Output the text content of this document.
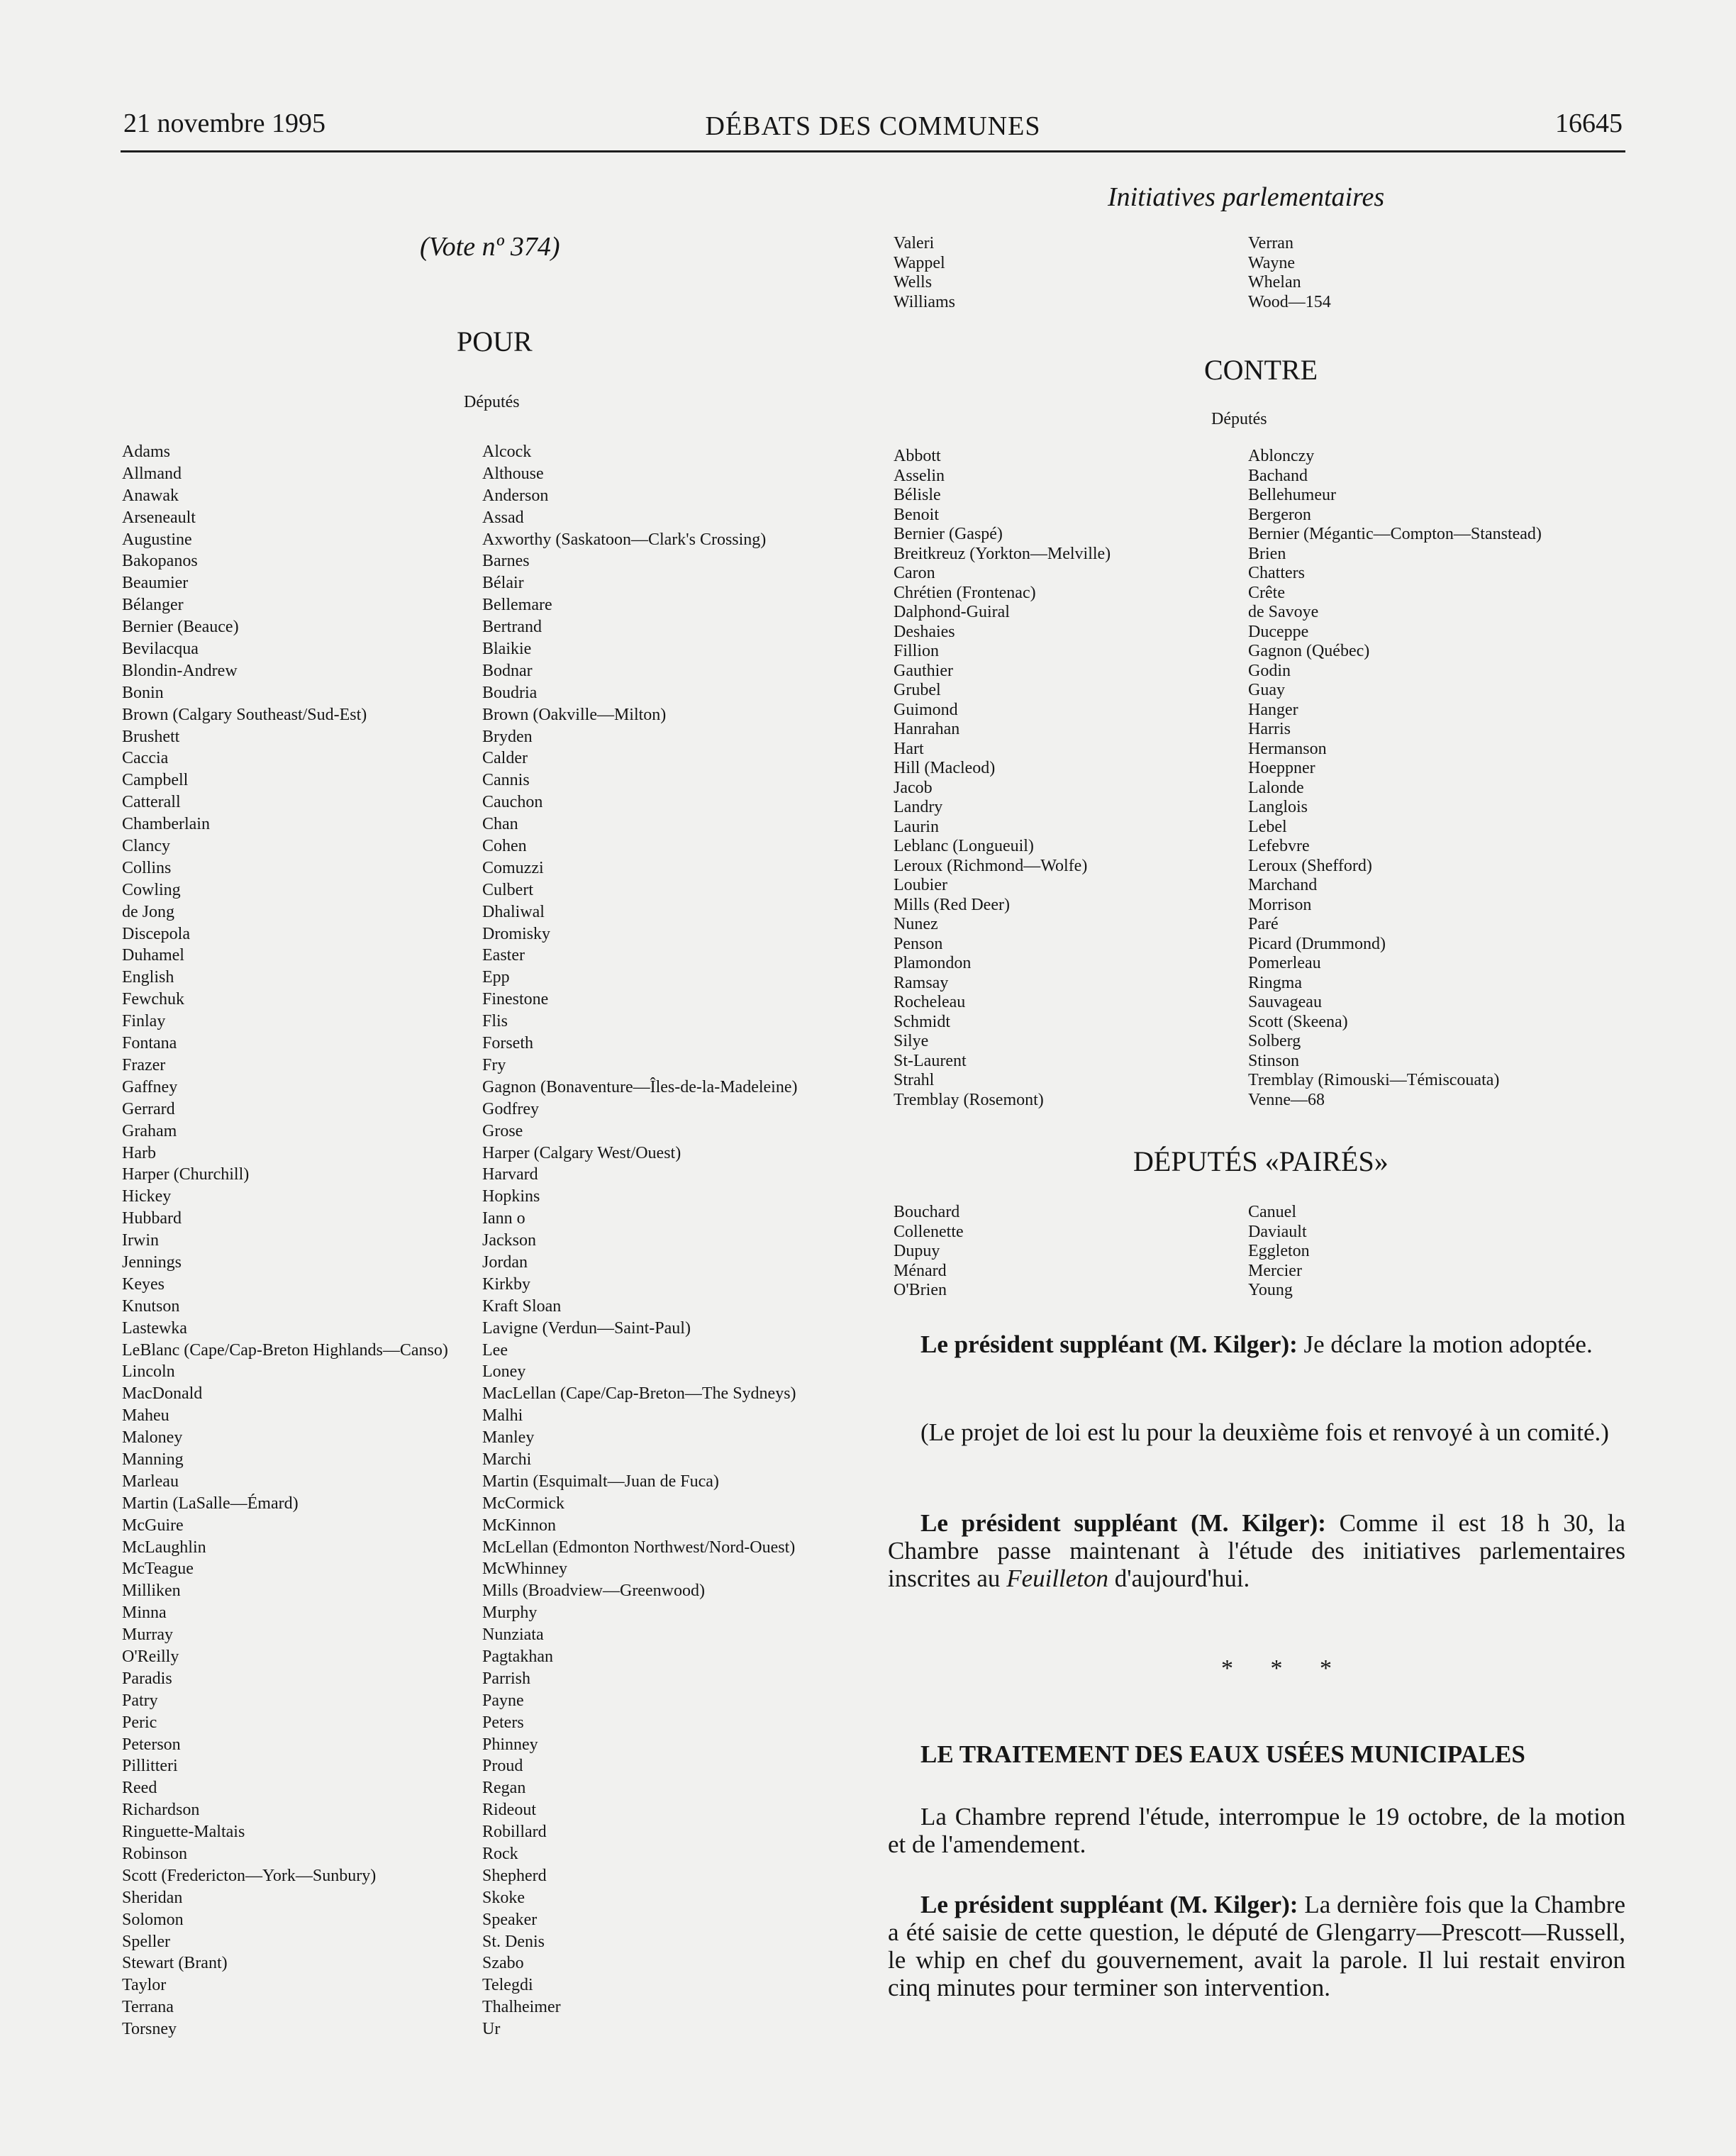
21 novembre 1995	DÉBATS DES COMMUNES	16645
Initiatives parlementaires
(Vote nº 374)
POUR
Députés
Adams
Allmand
Anawak
Arseneault
Augustine
Bakopanos
Beaumier
Bélanger
Bernier (Beauce)
Bevilacqua
Blondin-Andrew
Bonin
Brown (Calgary Southeast/Sud-Est)
Brushett
Caccia
Campbell
Catterall
Chamberlain
Clancy
Collins
Cowling
de Jong
Discepola
Duhamel
English
Fewchuk
Finlay
Fontana
Frazer
Gaffney
Gerrard
Graham
Harb
Harper (Churchill)
Hickey
Hubbard
Irwin
Jennings
Keyes
Knutson
Lastewka
LeBlanc (Cape/Cap-Breton Highlands—Canso)
Lincoln
MacDonald
Maheu
Maloney
Manning
Marleau
Martin (LaSalle—Émard)
McGuire
McLaughlin
McTeague
Milliken
Minna
Murray
O'Reilly
Paradis
Patry
Peric
Peterson
Pillitteri
Reed
Richardson
Ringuette-Maltais
Robinson
Scott (Fredericton—York—Sunbury)
Sheridan
Solomon
Speller
Stewart (Brant)
Taylor
Terrana
Torsney
Alcock
Althouse
Anderson
Assad
Axworthy (Saskatoon—Clark's Crossing)
Barnes
Bélair
Bellemare
Bertrand
Blaikie
Bodnar
Boudria
Brown (Oakville—Milton)
Bryden
Calder
Cannis
Cauchon
Chan
Cohen
Comuzzi
Culbert
Dhaliwal
Dromisky
Easter
Epp
Finestone
Flis
Forseth
Fry
Gagnon (Bonaventure—Îles-de-la-Madeleine)
Godfrey
Grose
Harper (Calgary West/Ouest)
Harvard
Hopkins
Iann o
Jackson
Jordan
Kirkby
Kraft Sloan
Lavigne (Verdun—Saint-Paul)
Lee
Loney
MacLellan (Cape/Cap-Breton—The Sydneys)
Malhi
Manley
Marchi
Martin (Esquimalt—Juan de Fuca)
McCormick
McKinnon
McLellan (Edmonton Northwest/Nord-Ouest)
McWhinney
Mills (Broadview—Greenwood)
Murphy
Nunziata
Pagtakhan
Parrish
Payne
Peters
Phinney
Proud
Regan
Rideout
Robillard
Rock
Shepherd
Skoke
Speaker
St. Denis
Szabo
Telegdi
Thalheimer
Ur
Valeri
Wappel
Wells
Williams
Verran
Wayne
Whelan
Wood—154
CONTRE
Députés
Abbott
Asselin
Bélisle
Benoit
Bernier (Gaspé)
Breitkreuz (Yorkton—Melville)
Caron
Chrétien (Frontenac)
Dalphond-Guiral
Deshaies
Fillion
Gauthier
Grubel
Guimond
Hanrahan
Hart
Hill (Macleod)
Jacob
Landry
Laurin
Leblanc (Longueuil)
Leroux (Richmond—Wolfe)
Loubier
Mills (Red Deer)
Nunez
Penson
Plamondon
Ramsay
Rocheleau
Schmidt
Silye
St-Laurent
Strahl
Tremblay (Rosemont)
Ablonczy
Bachand
Bellehumeur
Bergeron
Bernier (Mégantic—Compton—Stanstead)
Brien
Chatters
Crête
de Savoye
Duceppe
Gagnon (Québec)
Godin
Guay
Hanger
Harris
Hermanson
Hoeppner
Lalonde
Langlois
Lebel
Lefebvre
Leroux (Shefford)
Marchand
Morrison
Paré
Picard (Drummond)
Pomerleau
Ringma
Sauvageau
Scott (Skeena)
Solberg
Stinson
Tremblay (Rimouski—Témiscouata)
Venne—68
DÉPUTÉS «PAIRÉS»
Bouchard
Collenette
Dupuy
Ménard
O'Brien
Canuel
Daviault
Eggleton
Mercier
Young
Le président suppléant (M. Kilger): Je déclare la motion adoptée.
(Le projet de loi est lu pour la deuxième fois et renvoyé à un comité.)
Le président suppléant (M. Kilger): Comme il est 18 h 30, la Chambre passe maintenant à l'étude des initiatives parlementaires inscrites au Feuilleton d'aujourd'hui.
* * *
LE TRAITEMENT DES EAUX USÉES MUNICIPALES
La Chambre reprend l'étude, interrompue le 19 octobre, de la motion et de l'amendement.
Le président suppléant (M. Kilger): La dernière fois que la Chambre a été saisie de cette question, le député de Glengarry—Prescott—Russell, le whip en chef du gouvernement, avait la parole. Il lui restait environ cinq minutes pour terminer son intervention.
